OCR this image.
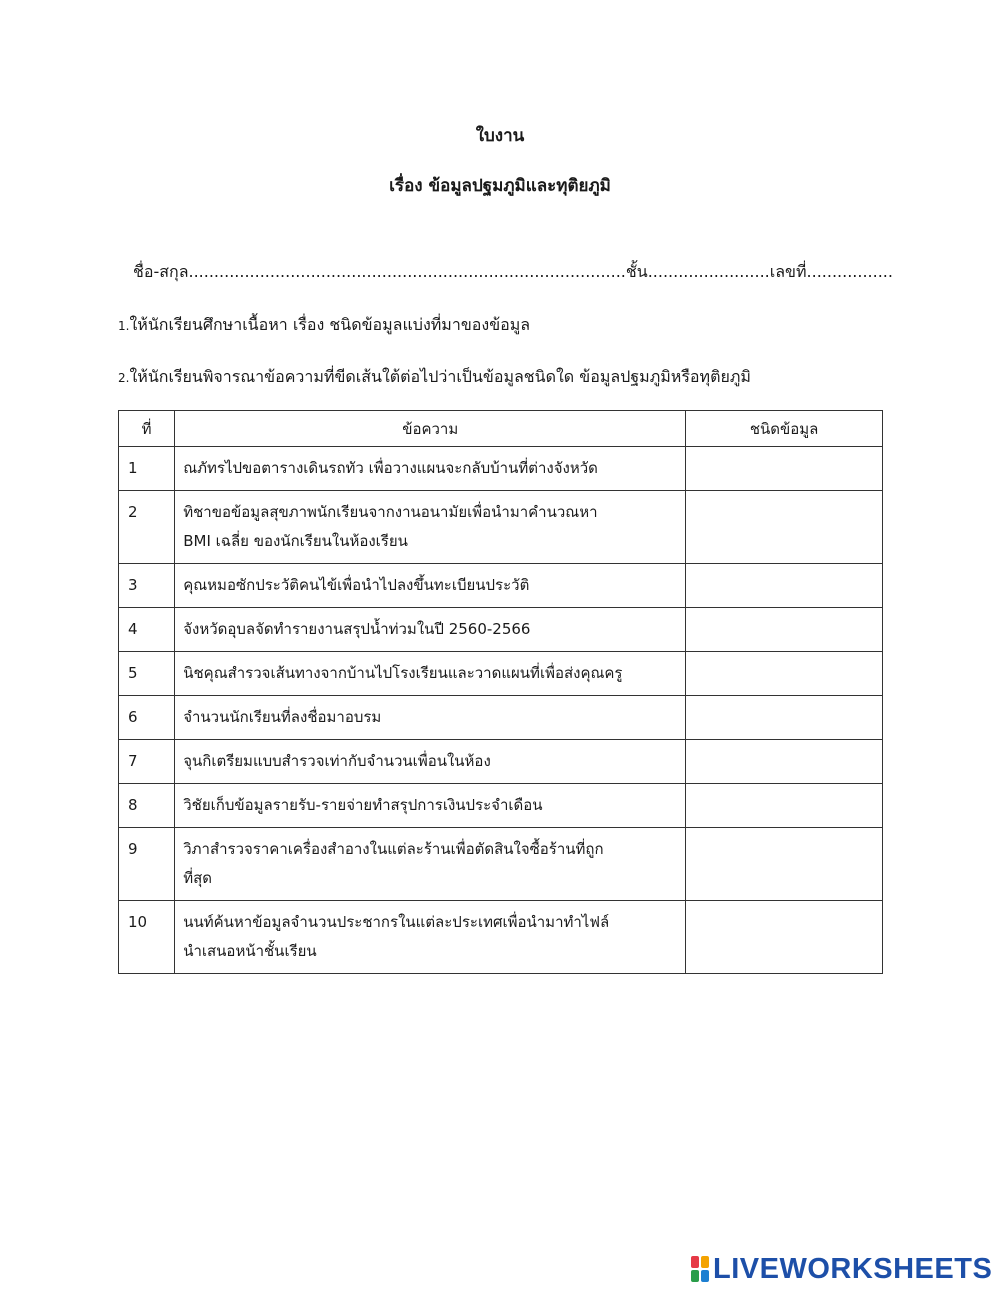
ใบงาน
เรื่อง ข้อมูลปฐมภูมิและทุติยภูมิ
ชื่อ-สกุล......................................................................................ชั้น........................เลขที่.................
1.ให้นักเรียนศึกษาเนื้อหา เรื่อง ชนิดข้อมูลแบ่งที่มาของข้อมูล
2.ให้นักเรียนพิจารณาข้อความที่ขีดเส้นใต้ต่อไปว่าเป็นข้อมูลชนิดใด ข้อมูลปฐมภูมิหรือทุติยภูมิ
ที่	ข้อความ	ชนิดข้อมูล
1	ณภัทรไปขอตารางเดินรถทัว เพื่อวางแผนจะกลับบ้านที่ต่างจังหวัด

2	ทิชาขอข้อมูลสุขภาพนักเรียนจากงานอนามัยเพื่อนำมาคำนวณหา
BMI เฉลี่ย ของนักเรียนในห้องเรียน

3	คุณหมอซักประวัติคนไข้เพื่อนำไปลงขึ้นทะเบียนประวัติ

4	จังหวัดอุบลจัดทำรายงานสรุปน้ำท่วมในปี 2560-2566

5	นิชคุณสำรวจเส้นทางจากบ้านไปโรงเรียนและวาดแผนที่เพื่อส่งคุณครู

6	จำนวนนักเรียนที่ลงชื่อมาอบรม

7	จุนกิเตรียมแบบสำรวจเท่ากับจำนวนเพื่อนในห้อง

8	วิชัยเก็บข้อมูลรายรับ-รายจ่ายทำสรุปการเงินประจำเดือน

9	วิภาสำรวจราคาเครื่องสำอางในแต่ละร้านเพื่อตัดสินใจซื้อร้านที่ถูก
ที่สุด

10	นนท์ค้นหาข้อมูลจำนวนประชากรในแต่ละประเทศเพื่อนำมาทำไฟล์
นำเสนอหน้าชั้นเรียน

LIVEWORKSHEETS
